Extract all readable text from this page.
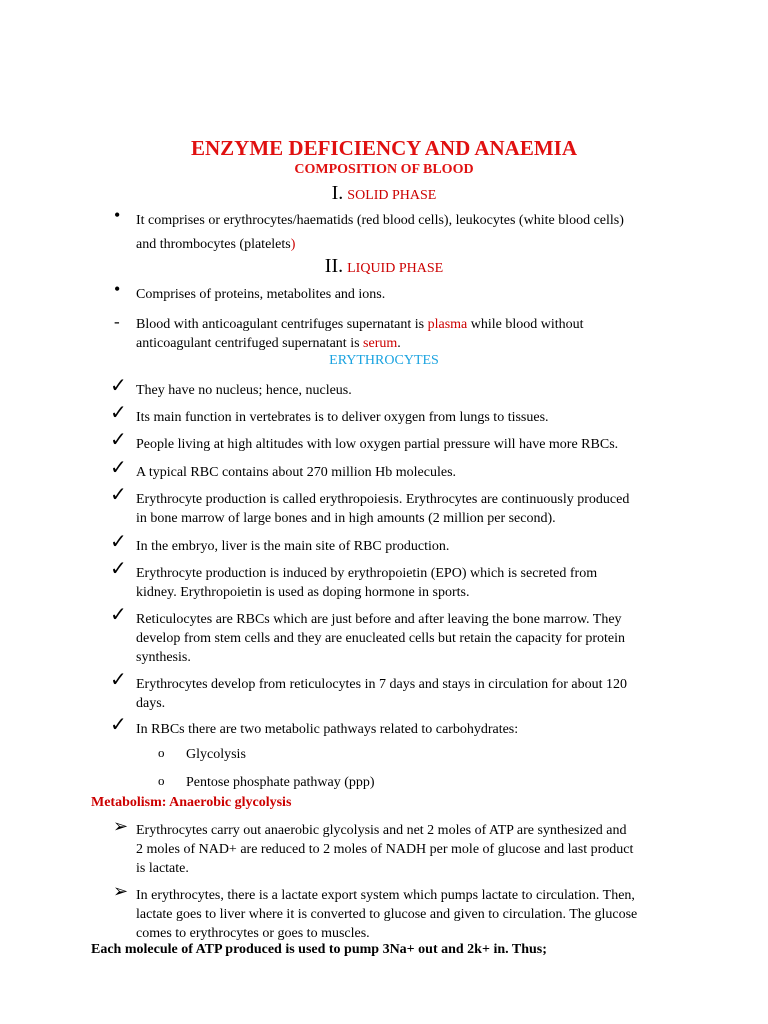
ENZYME DEFICIENCY AND ANAEMIA
COMPOSITION OF BLOOD
I. SOLID PHASE
• It comprises or erythrocytes/haematids (red blood cells), leukocytes (white blood cells)
and thrombocytes (platelets)
II. LIQUID PHASE
• Comprises of proteins, metabolites and ions.
- Blood with anticoagulant centrifuges supernatant is plasma while blood without
anticoagulant centrifuged supernatant is serum.
ERYTHROCYTES
✓ They have no nucleus; hence, nucleus.
✓ Its main function in vertebrates is to deliver oxygen from lungs to tissues.
✓ People living at high altitudes with low oxygen partial pressure will have more RBCs.
✓ A typical RBC contains about 270 million Hb molecules.
✓ Erythrocyte production is called erythropoiesis. Erythrocytes are continuously produced
in bone marrow of large bones and in high amounts (2 million per second).
✓ In the embryo, liver is the main site of RBC production.
✓ Erythrocyte production is induced by erythropoietin (EPO) which is secreted from
kidney. Erythropoietin is used as doping hormone in sports.
✓ Reticulocytes are RBCs which are just before and after leaving the bone marrow. They
develop from stem cells and they are enucleated cells but retain the capacity for protein
synthesis.
✓ Erythrocytes develop from reticulocytes in 7 days and stays in circulation for about 120
days.
✓ In RBCs there are two metabolic pathways related to carbohydrates:
o Glycolysis
o Pentose phosphate pathway (ppp)
Metabolism: Anaerobic glycolysis
➢ Erythrocytes carry out anaerobic glycolysis and net 2 moles of ATP are synthesized and
2 moles of NAD+ are reduced to 2 moles of NADH per mole of glucose and last product
is lactate.
➢ In erythrocytes, there is a lactate export system which pumps lactate to circulation. Then,
lactate goes to liver where it is converted to glucose and given to circulation. The glucose
comes to erythrocytes or goes to muscles.
Each molecule of ATP produced is used to pump 3Na+ out and 2k+ in. Thus;
